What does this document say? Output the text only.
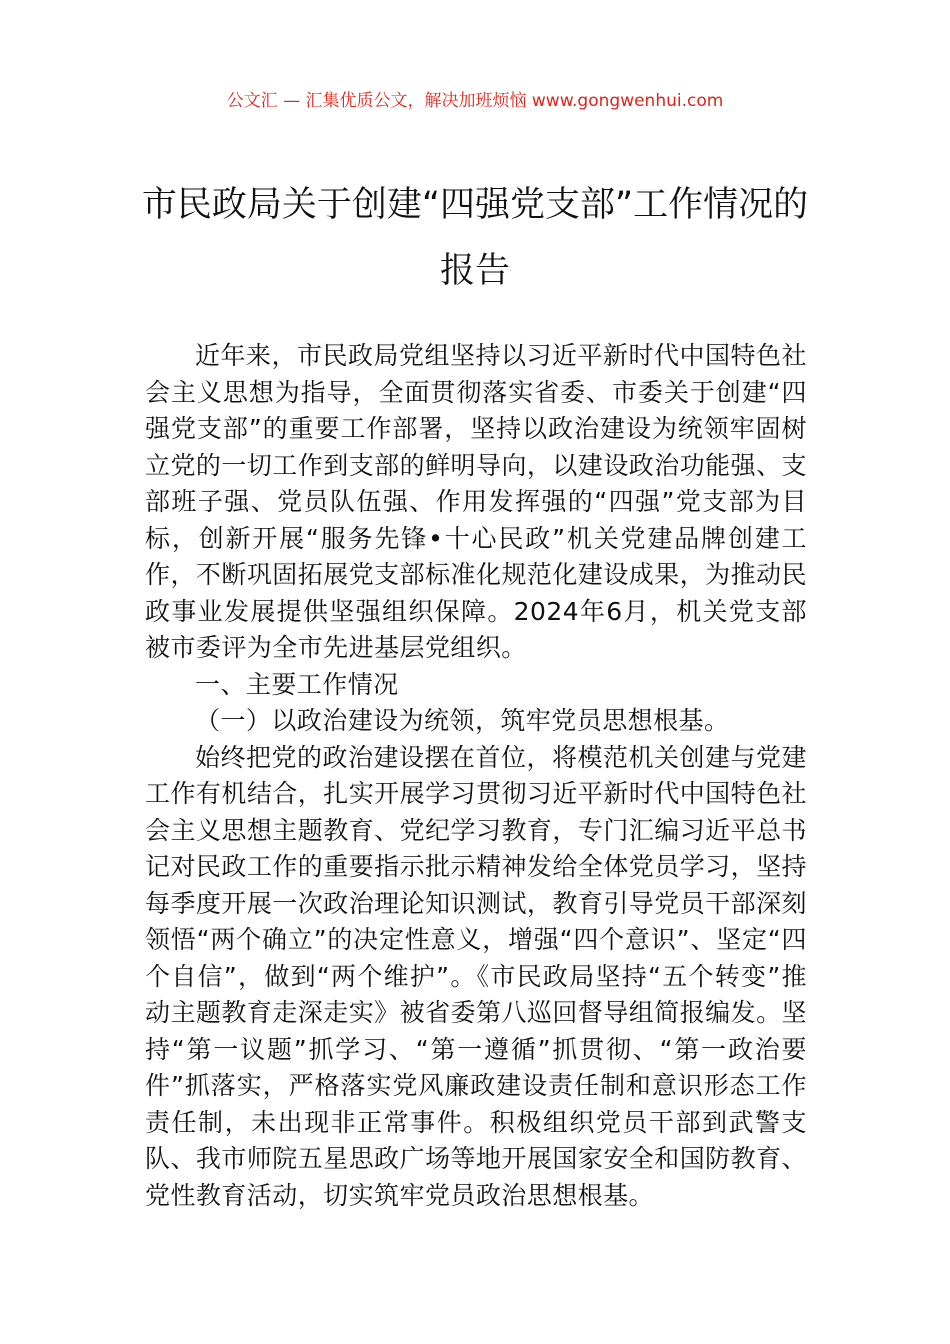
公文汇 — 汇集优质公文，解决加班烦恼 www.gongwenhui.com
市民政局关于创建“四强党支部”工作情况的报告

近年来，市民政局党组坚持以习近平新时代中国特色社会主义思想为指导，全面贯彻落实省委、市委关于创建“四强党支部”的重要工作部署，坚持以政治建设为统领牢固树立党的一切工作到支部的鲜明导向，以建设政治功能强、支部班子强、党员队伍强、作用发挥强的“四强”党支部为目标，创新开展“服务先锋•十心民政”机关党建品牌创建工作，不断巩固拓展党支部标准化规范化建设成果，为推动民政事业发展提供坚强组织保障。2024年6月，机关党支部被市委评为全市先进基层党组织。

一、主要工作情况

（一）以政治建设为统领，筑牢党员思想根基。

始终把党的政治建设摆在首位，将模范机关创建与党建工作有机结合，扎实开展学习贯彻习近平新时代中国特色社会主义思想主题教育、党纪学习教育，专门汇编习近平总书记对民政工作的重要指示批示精神发给全体党员学习，坚持每季度开展一次政治理论知识测试，教育引导党员干部深刻领悟“两个确立”的决定性意义，增强“四个意识”、坚定“四个自信”，做到“两个维护”。《市民政局坚持“五个转变”推动主题教育走深走实》被省委第八巡回督导组简报编发。坚持“第一议题”抓学习、“第一遵循”抓贯彻、“第一政治要件”抓落实，严格落实党风廉政建设责任制和意识形态工作责任制，未出现非正常事件。积极组织党员干部到武警支队、我市师院五星思政广场等地开展国家安全和国防教育、党性教育活动，切实筑牢党员政治思想根基。
